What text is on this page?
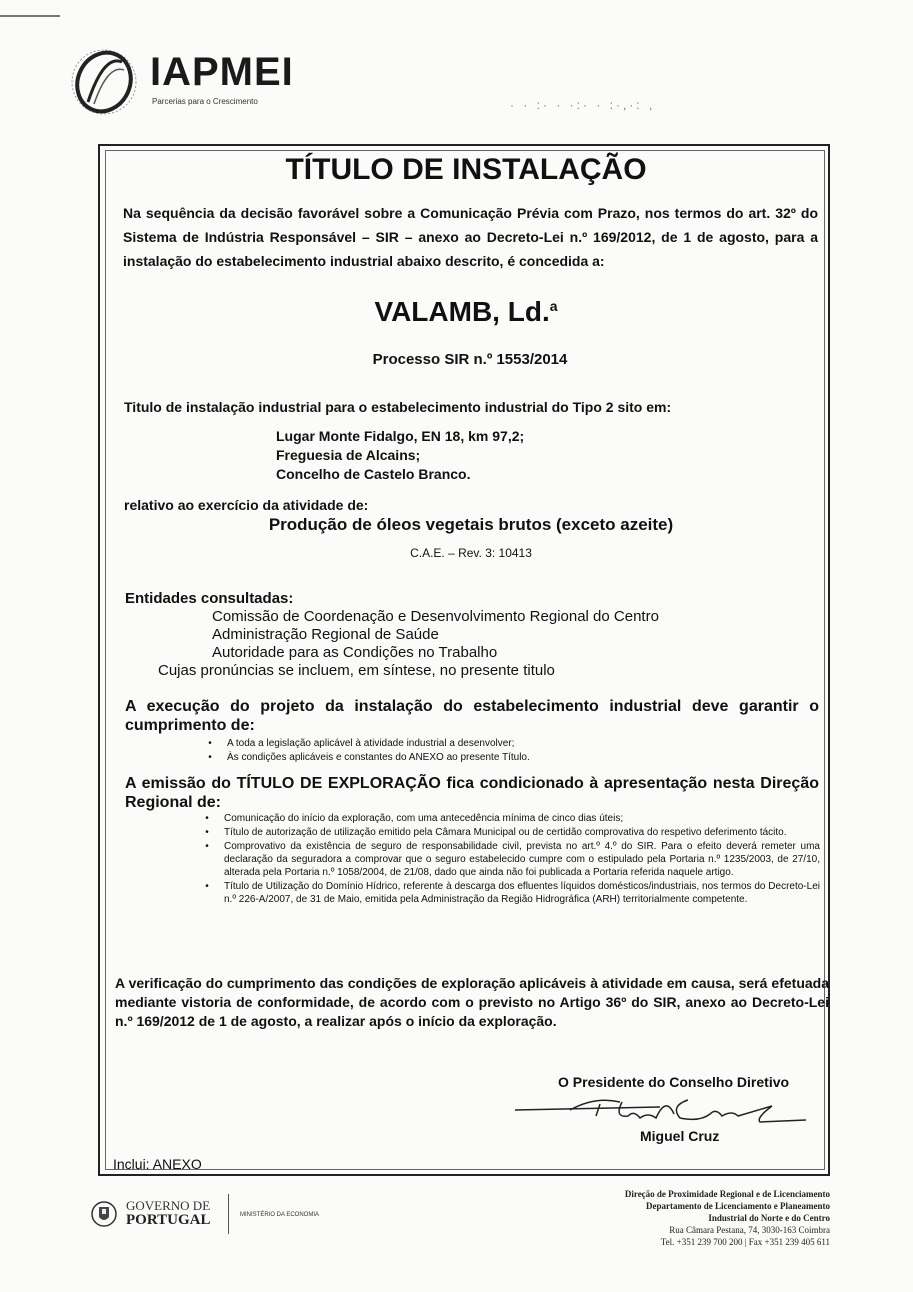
IAPMEI
Parcerias para o Crescimento	· · :· · ·:· · :·,·: ,
TÍTULO DE INSTALAÇÃO
Na sequência da decisão favorável sobre a Comunicação Prévia com Prazo, nos termos do art. 32º do Sistema de Indústria Responsável – SIR – anexo ao Decreto-Lei n.º 169/2012, de 1 de agosto, para a instalação do estabelecimento industrial abaixo descrito, é concedida a:
VALAMB, Ld.$^a$
Processo SIR n.º 1553/2014
Titulo de instalação industrial para o estabelecimento industrial do Tipo 2 sito em:
Lugar Monte Fidalgo, EN 18, km 97,2;
Freguesia de Alcains;
Concelho de Castelo Branco.
relativo ao exercício da atividade de:
Produção de óleos vegetais brutos (exceto azeite)
C.A.E. – Rev. 3: 10413
Entidades consultadas:
Comissão de Coordenação e Desenvolvimento Regional do Centro
Administração Regional de Saúde
Autoridade para as Condições no Trabalho
Cujas pronúncias se incluem, em síntese, no presente titulo
A execução do projeto da instalação do estabelecimento industrial deve garantir o cumprimento de:
•	A toda a legislação aplicável à atividade industrial a desenvolver;
•	Às condições aplicáveis e constantes do ANEXO ao presente Título.
A emissão do TÍTULO DE EXPLORAÇÃO fica condicionado à apresentação nesta Direção Regional de:
•	Comunicação do início da exploração, com uma antecedência mínima de cinco dias úteis;
•	Título de autorização de utilização emitido pela Câmara Municipal ou de certidão comprovativa do respetivo deferimento tácito.
•	Comprovativo da existência de seguro de responsabilidade civil, prevista no art.º 4.º do SIR. Para o efeito deverá remeter uma declaração da seguradora a comprovar que o seguro estabelecido cumpre com o estipulado pela Portaria n.º 1235/2003, de 27/10, alterada pela Portaria n.º 1058/2004, de 21/08, dado que ainda não foi publicada a Portaria referida naquele artigo.
•	Título de Utilização do Domínio Hídrico, referente à descarga dos efluentes líquidos domésticos/industriais, nos termos do Decreto-Lei n.º 226-A/2007, de 31 de Maio, emitida pela Administração da Região Hidrográfica (ARH) territorialmente competente.
A verificação do cumprimento das condições de exploração aplicáveis à atividade em causa, será efetuada mediante vistoria de conformidade, de acordo com o previsto no Artigo 36º do SIR, anexo ao Decreto-Lei n.º 169/2012 de 1 de agosto, a realizar após o início da exploração.
O Presidente do Conselho Diretivo
Miguel Cruz
Inclui: ANEXO
GOVERNO DE
PORTUGAL	MINISTÉRIO DA ECONOMIA
Direção de Proximidade Regional e de Licenciamento
Departamento de Licenciamento e Planeamento
Industrial do Norte e do Centro
Rua Câmara Pestana, 74, 3030-163 Coimbra
Tel. +351 239 700 200 | Fax +351 239 405 611
